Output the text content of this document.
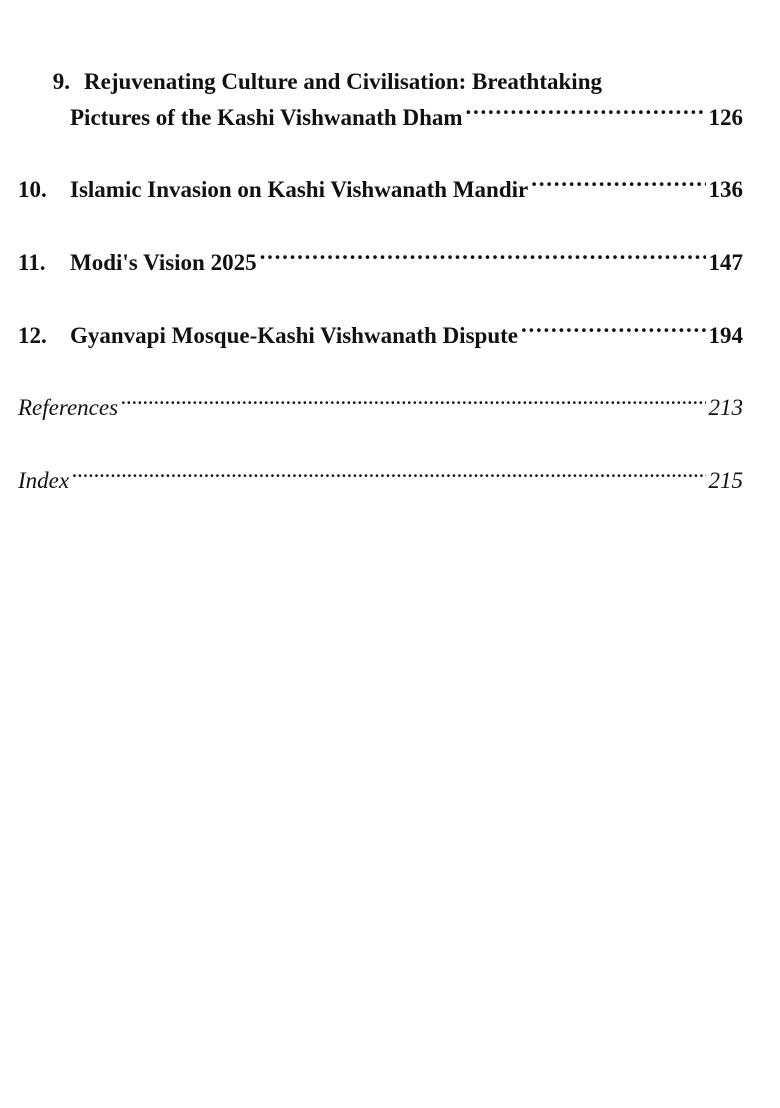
9. Rejuvenating Culture and Civilisation: Breathtaking
Pictures of the Kashi Vishwanath Dham . . .	126
10.	Islamic Invasion on Kashi Vishwanath Mandir . . .	136
11.	Modi's Vision 2025 . . .	147
12.	Gyanvapi Mosque-Kashi Vishwanath Dispute . . .	194
References . . .	213
Index . . .	215
